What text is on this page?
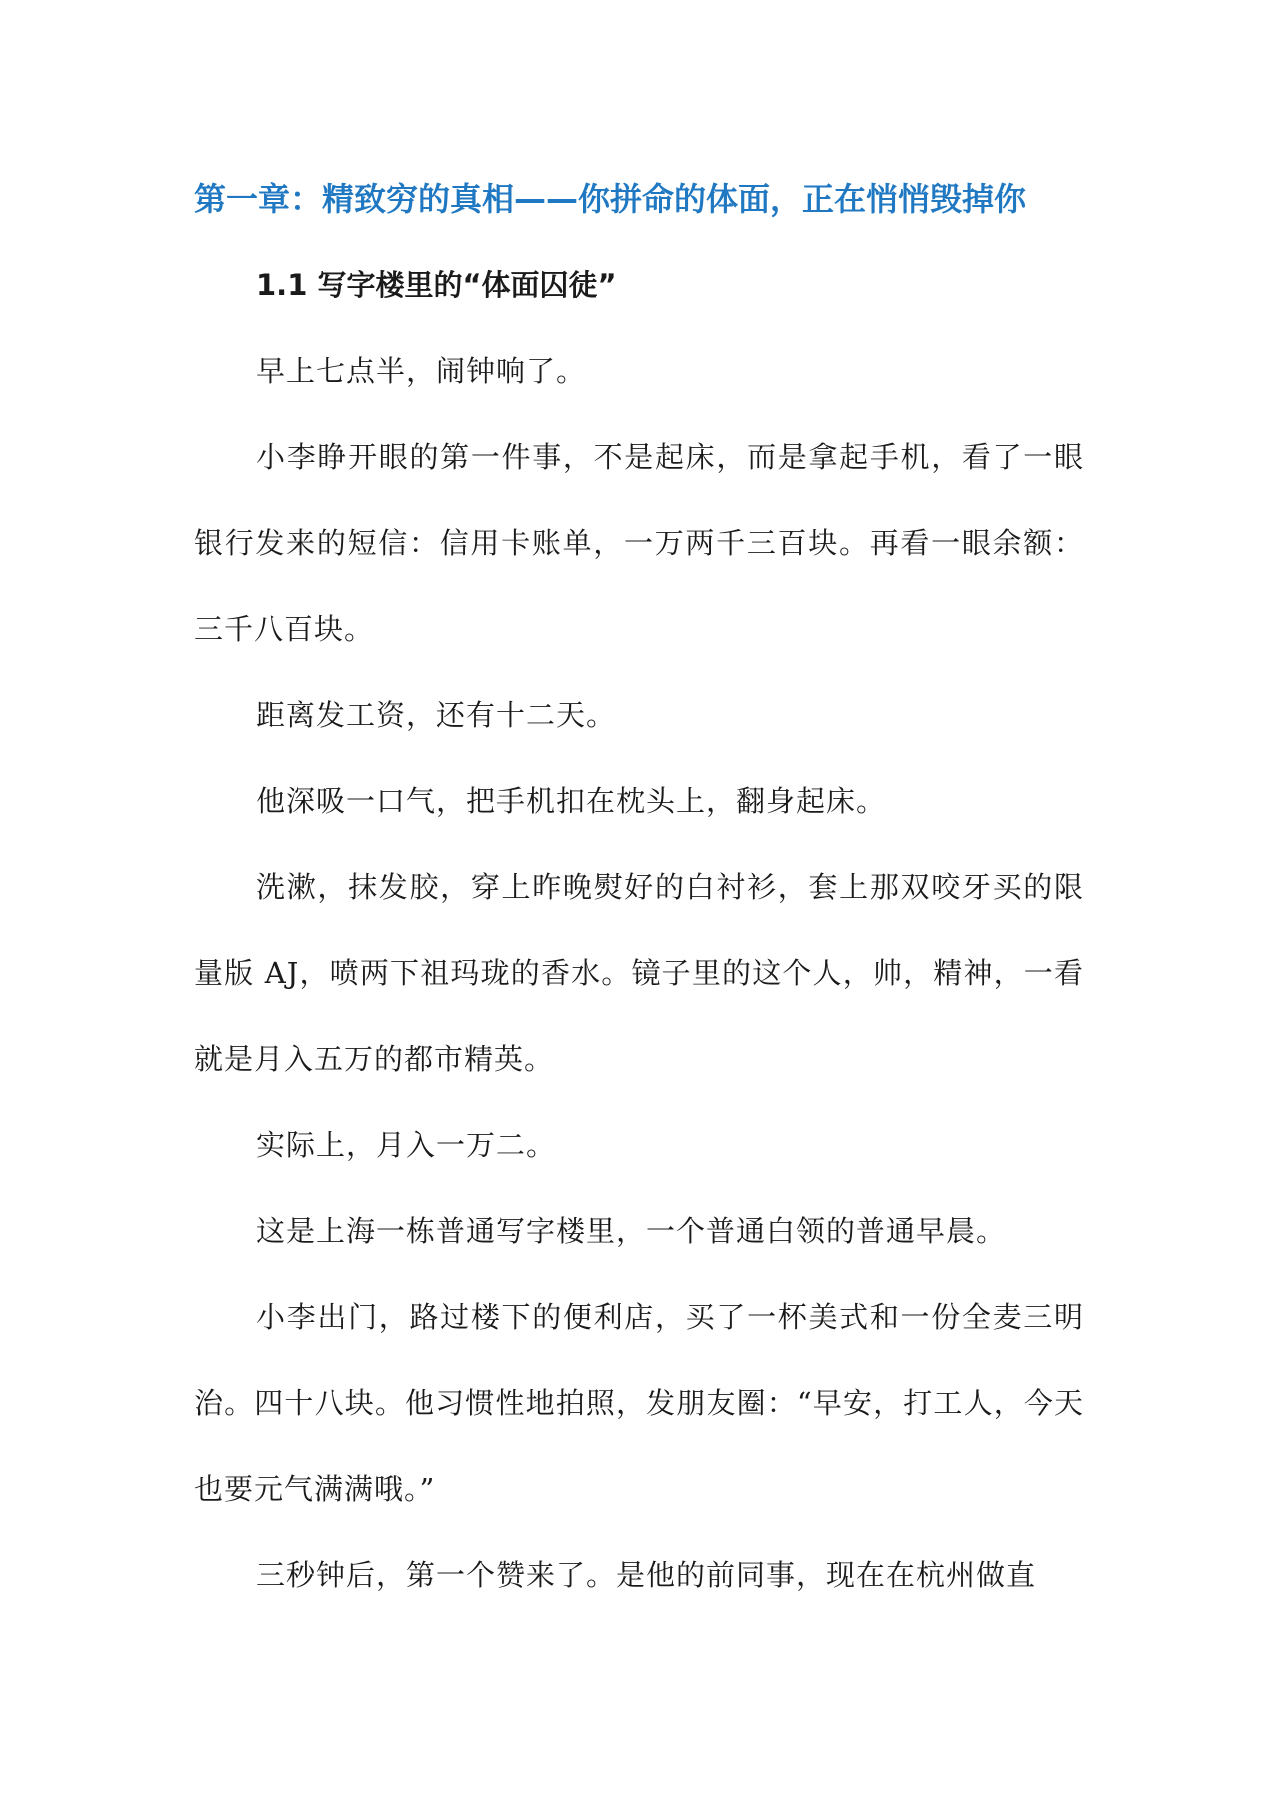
第一章：精致穷的真相——你拼命的体面，正在悄悄毁掉你
1.1 写字楼里的“体面囚徒”

早上七点半，闹钟响了。

小李睁开眼的第一件事，不是起床，而是拿起手机，看了一眼银行发来的短信：信用卡账单，一万两千三百块。再看一眼余额：三千八百块。

距离发工资，还有十二天。

他深吸一口气，把手机扣在枕头上，翻身起床。

洗漱，抹发胶，穿上昨晚熨好的白衬衫，套上那双咬牙买的限量版 AJ，喷两下祖玛珑的香水。镜子里的这个人，帅，精神，一看就是月入五万的都市精英。

实际上，月入一万二。

这是上海一栋普通写字楼里，一个普通白领的普通早晨。

小李出门，路过楼下的便利店，买了一杯美式和一份全麦三明治。四十八块。他习惯性地拍照，发朋友圈：“早安，打工人，今天也要元气满满哦。”

三秒钟后，第一个赞来了。是他的前同事，现在在杭州做直
